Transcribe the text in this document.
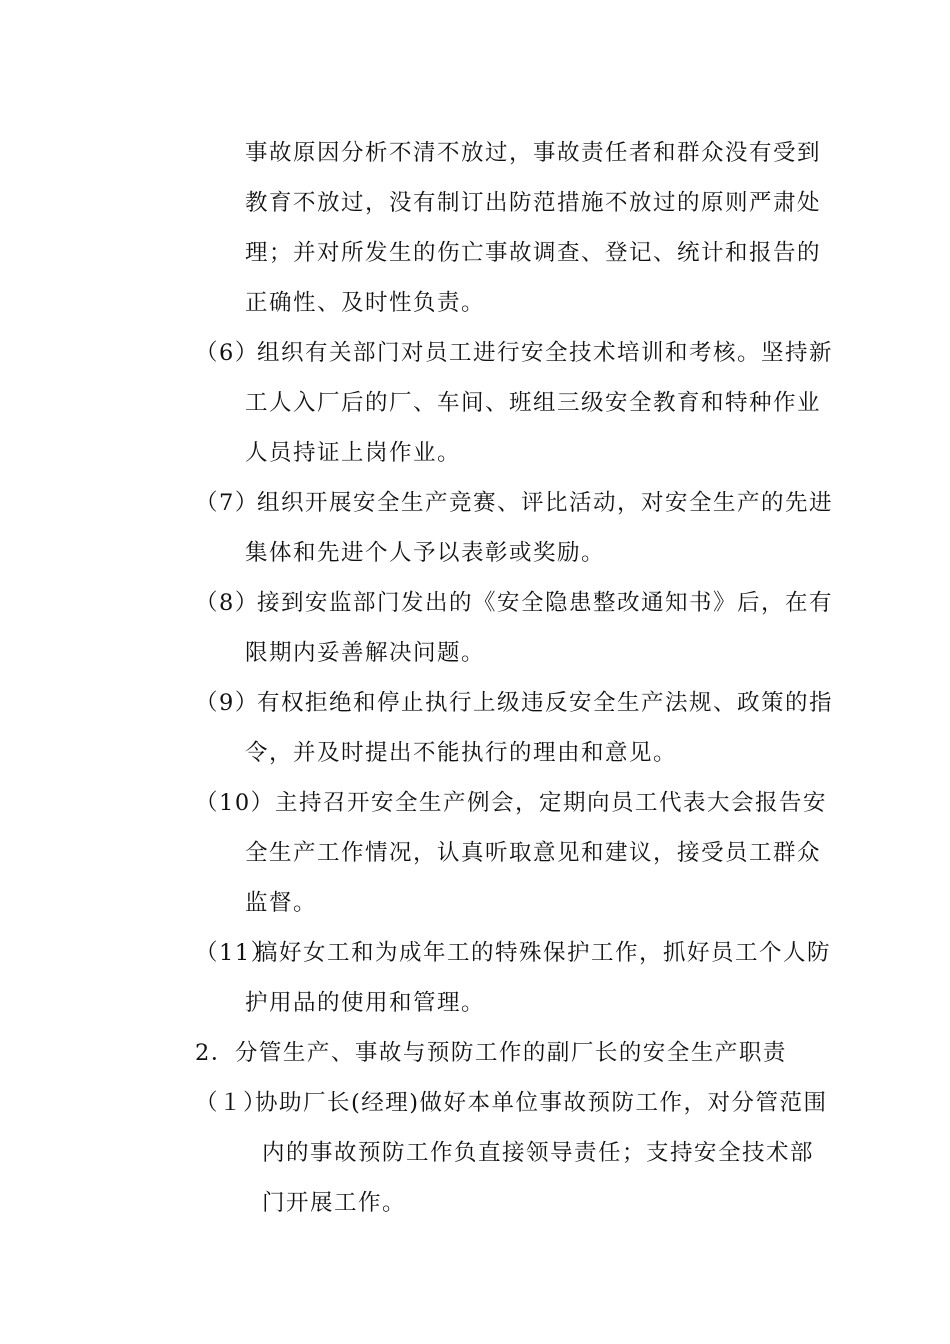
事故原因分析不清不放过，事故责任者和群众没有受到
教育不放过，没有制订出防范措施不放过的原则严肃处
理；并对所发生的伤亡事故调查、登记、统计和报告的
正确性、及时性负责。
（6）组织有关部门对员工进行安全技术培训和考核。坚持新
工人入厂后的厂、车间、班组三级安全教育和特种作业
人员持证上岗作业。
（7）组织开展安全生产竞赛、评比活动，对安全生产的先进
集体和先进个人予以表彰或奖励。
（8）接到安监部门发出的《安全隐患整改通知书》后，在有
限期内妥善解决问题。
（9）有权拒绝和停止执行上级违反安全生产法规、政策的指
令，并及时提出不能执行的理由和意见。
（10）主持召开安全生产例会，定期向员工代表大会报告安
全生产工作情况，认真听取意见和建议，接受员工群众
监督。
（11）搞好女工和为成年工的特殊保护工作，抓好员工个人防
护用品的使用和管理。
2．分管生产、事故与预防工作的副厂长的安全生产职责
（１）协助厂长(经理)做好本单位事故预防工作，对分管范围
内的事故预防工作负直接领导责任；支持安全技术部
门开展工作。
